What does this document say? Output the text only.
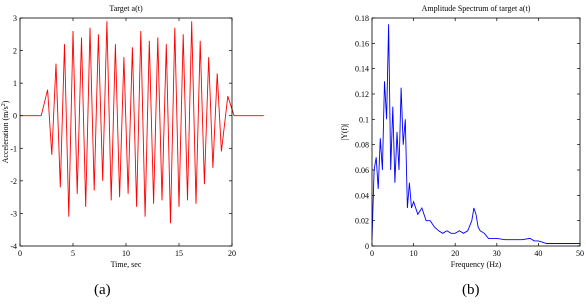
0	5	10	15	20
-4
-3
-2
-1
0
1
2
3
Target a(t)
Time, sec
Acceleration $(m/s^2)$
0	10	20	30	40	50
0
0.02
0.04
0.06
0.08
0.1
0.12
0.14
0.16
0.18
Amplitude Spectrum of target a(t)
Frequency (Hz)
|Y(f)|
(a)	(b)
